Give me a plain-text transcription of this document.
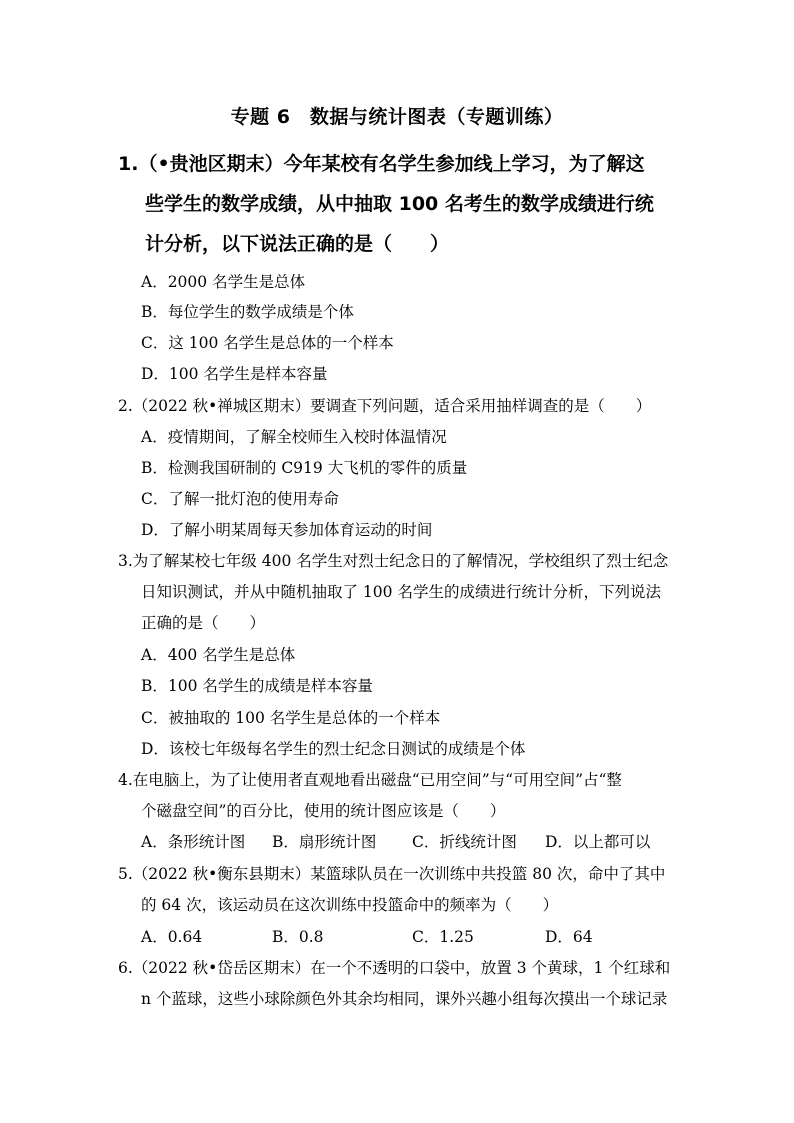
专题 6　数据与统计图表（专题训练）
1.（•贵池区期末）今年某校有名学生参加线上学习，为了解这
些学生的数学成绩，从中抽取 100 名考生的数学成绩进行统
计分析，以下说法正确的是（　　）
A．2000 名学生是总体
B．每位学生的数学成绩是个体
C．这 100 名学生是总体的一个样本
D．100 名学生是样本容量
2.（2022 秋•禅城区期末）要调查下列问题，适合采用抽样调查的是（　　）
A．疫情期间，了解全校师生入校时体温情况
B．检测我国研制的 C919 大飞机的零件的质量
C．了解一批灯泡的使用寿命
D．了解小明某周每天参加体育运动的时间
3.为了解某校七年级 400 名学生对烈士纪念日的了解情况，学校组织了烈士纪念
日知识测试，并从中随机抽取了 100 名学生的成绩进行统计分析，下列说法
正确的是（　　）
A．400 名学生是总体
B．100 名学生的成绩是样本容量
C．被抽取的 100 名学生是总体的一个样本
D．该校七年级每名学生的烈士纪念日测试的成绩是个体
4.在电脑上，为了让使用者直观地看出磁盘“已用空间”与“可用空间”占“整
个磁盘空间”的百分比，使用的统计图应该是（　　）
A．条形统计图 B．扇形统计图 C．折线统计图 D．以上都可以
5.（2022 秋•衡东县期末）某篮球队员在一次训练中共投篮 80 次，命中了其中
的 64 次，该运动员在这次训练中投篮命中的频率为（　　）
A．0.64	B．0.8	C．1.25	D．64
6.（2022 秋•岱岳区期末）在一个不透明的口袋中，放置 3 个黄球，1 个红球和
n 个蓝球，这些小球除颜色外其余均相同，课外兴趣小组每次摸出一个球记录
